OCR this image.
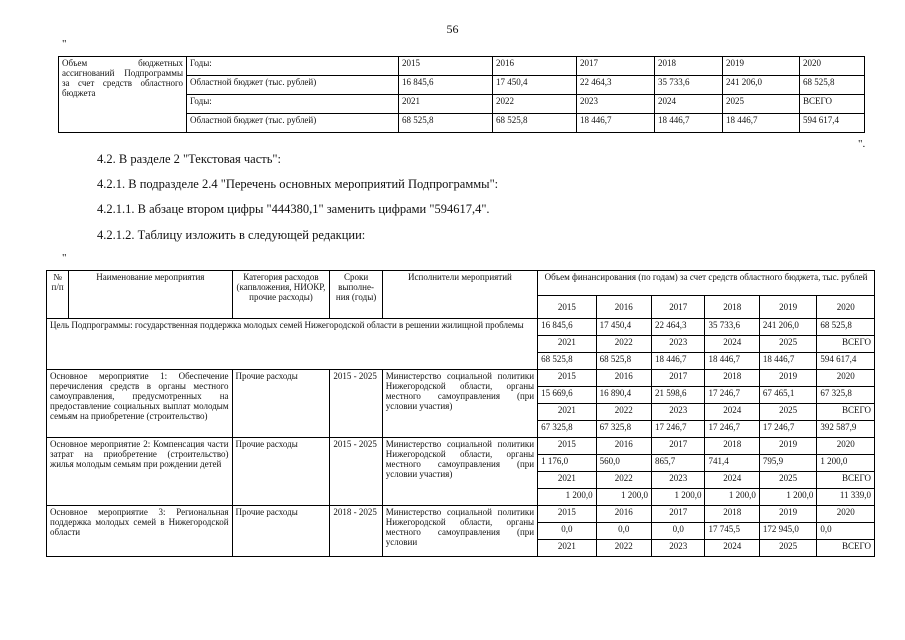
56
"
Объем бюджетных ассигнований Подпрограммы за счет средств областного бюджета	Годы:	2015	2016	2017	2018	2019	2020
	Областной бюджет (тыс. рублей)	16 845,6	17 450,4	22 464,3	35 733,6	241 206,0	68 525,8
	Годы:	2021	2022	2023	2024	2025	ВСЕГО
	Областной бюджет (тыс. рублей)	68 525,8	68 525,8	18 446,7	18 446,7	18 446,7	594 617,4
".
4.2. В разделе 2 "Текстовая часть":
4.2.1. В подразделе 2.4 "Перечень основных мероприятий Подпрограммы":
4.2.1.1. В абзаце втором цифры "444380,1" заменить цифрами "594617,4".
4.2.1.2. Таблицу изложить в следующей редакции:
"
№ п/п	Наименование мероприятия	Категория расходов (капвложения, НИОКР, прочие расходы)	Сроки выполне-ния (годы)	Исполнители мероприятий	Объем финансирования (по годам) за счет средств областного бюджета, тыс. рублей					
					2015	2016	2017	2018	2019	2020
Цель Подпрограммы: государственная поддержка молодых семей Нижегородской области в решении жилищной проблемы					16 845,6	17 450,4	22 464,3	35 733,6	241 206,0	68 525,8
					2021	2022	2023	2024	2025	ВСЕГО
					68 525,8	68 525,8	18 446,7	18 446,7	18 446,7	594 617,4
Основное мероприятие 1: Обеспечение перечисления средств в органы местного самоуправления, предусмотренных на предоставление социальных выплат молодым семьям на приобретение (строительство)		Прочие расходы	2015 - 2025	Министерство социальной политики Нижегородской области, органы местного самоуправления (при условии участия)	2015	2016	2017	2018	2019	2020
					15 669,6	16 890,4	21 598,6	17 246,7	67 465,1	67 325,8
					2021	2022	2023	2024	2025	ВСЕГО
					67 325,8	67 325,8	17 246,7	17 246,7	17 246,7	392 587,9
Основное мероприятие 2: Компенсация части затрат на приобретение (строительство) жилья молодым семьям при рождении детей		Прочие расходы	2015 - 2025	Министерство социальной политики Нижегородской области, органы местного самоуправления (при условии участия)	2015	2016	2017	2018	2019	2020
					1 176,0	560,0	865,7	741,4	795,9	1 200,0
					2021	2022	2023	2024	2025	ВСЕГО
					1 200,0	1 200,0	1 200,0	1 200,0	1 200,0	11 339,0
Основное мероприятие 3: Региональная поддержка молодых семей в Нижегородской области		Прочие расходы	2018 - 2025	Министерство социальной политики Нижегородской области, органы местного самоуправления (при условии	2015	2016	2017	2018	2019	2020
					0,0	0,0	0,0	17 745,5	172 945,0	0,0
					2021	2022	2023	2024	2025	ВСЕГО
